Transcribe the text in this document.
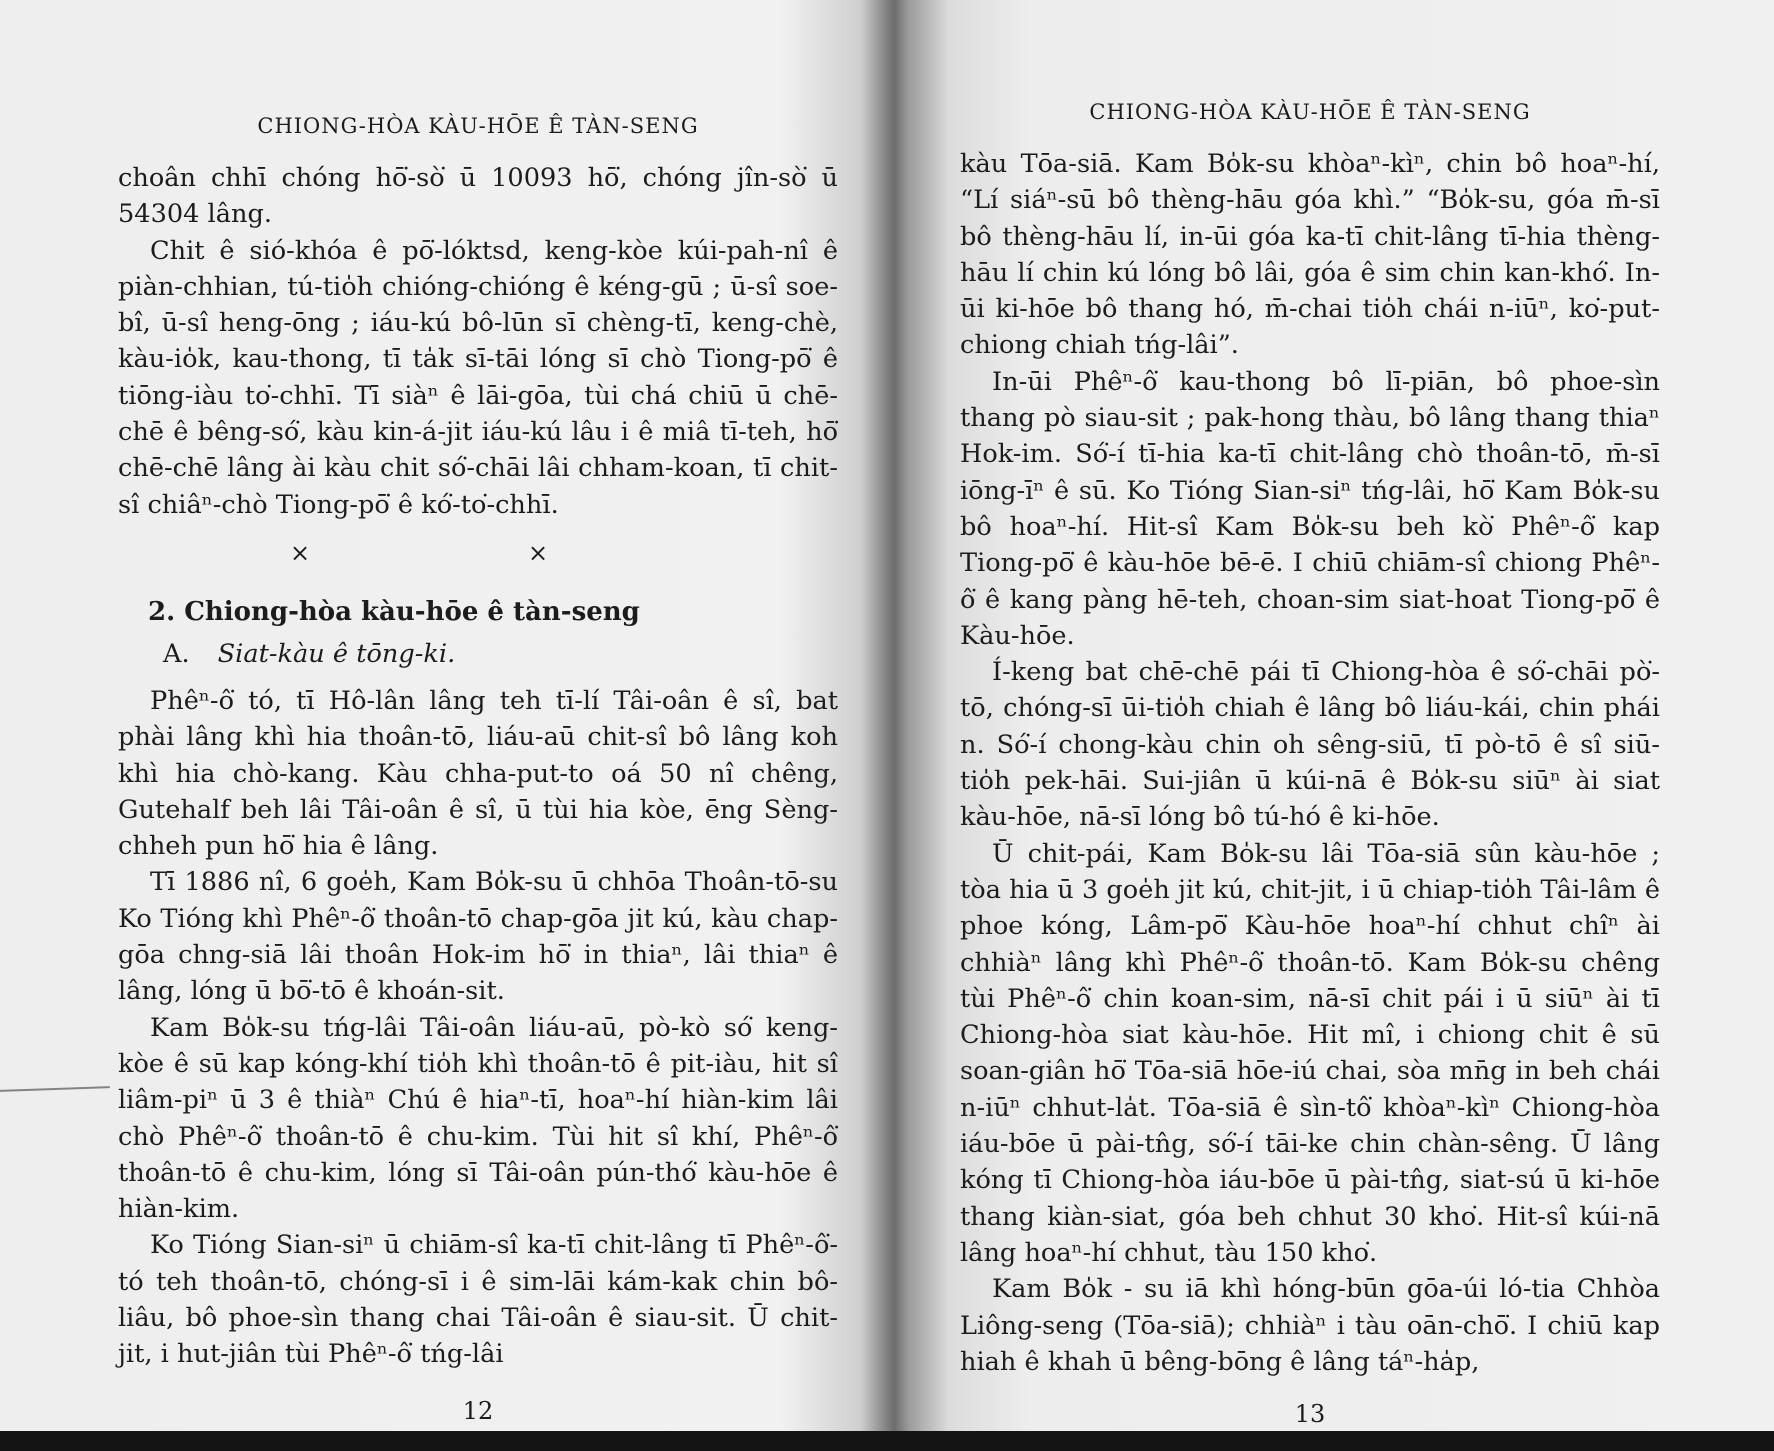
CHIONG-HÒA KÀU-HŌE Ê TÀN-SENG

choân chhī chóng hō͘-sò͘ ū 10093 hō͘, chóng jîn-sò͘ ū 54304 lâng.

Chit ê sió-khóa ê pō͘-lóktsd, keng-kòe kúi-pah-nî ê piàn-chhian, tú-tio̍h chióng-chióng ê kéng-gū ; ū-sî soe-bî, ū-sî heng-ōng ; iáu-kú bô-lūn sī chèng-tī, keng-chè, kàu-io̍k, kau-thong, tī ta̍k sī-tāi lóng sī chò Tiong-pō͘ ê tiōng-iàu to͘-chhī. Tī siàⁿ ê lāi-gōa, tùi chá chiū ū chē-chē ê bêng-só͘, kàu kin-á-jit iáu-kú lâu i ê miâ tī-teh, hō͘ chē-chē lâng ài kàu chit só͘-chāi lâi chham-koan, tī chit-sî chiâⁿ-chò Tiong-pō͘ ê kó͘-to͘-chhī.

×	×
2. Chiong-hòa kàu-hōe ê tàn-seng
A. Siat-kàu ê tōng-ki.

Phêⁿ-ô͘ tó, tī Hô-lân lâng teh tī-lí Tâi-oân ê sî, bat phài lâng khì hia thoân-tō, liáu-aū chit-sî bô lâng koh khì hia chò-kang. Kàu chha-put-to oá 50 nî chêng, Gutehalf beh lâi Tâi-oân ê sî, ū tùi hia kòe, ēng Sèng-chheh pun hō͘ hia ê lâng.

Tī 1886 nî, 6 goe̍h, Kam Bo̍k-su ū chhōa Thoân-tō-su Ko Tióng khì Phêⁿ-ô͘ thoân-tō chap-gōa jit kú, kàu chap-gōa chng-siā lâi thoân Hok-im hō͘ in thiaⁿ, lâi thiaⁿ ê lâng, lóng ū bō͘-tō ê khoán-sit.

Kam Bo̍k-su tńg-lâi Tâi-oân liáu-aū, pò-kò só͘ keng-kòe ê sū kap kóng-khí tio̍h khì thoân-tō ê pit-iàu, hit sî liâm-piⁿ ū 3 ê thiàⁿ Chú ê hiaⁿ-tī, hoaⁿ-hí hiàn-kim lâi chò Phêⁿ-ô͘ thoân-tō ê chu-kim. Tùi hit sî khí, Phêⁿ-ô͘ thoân-tō ê chu-kim, lóng sī Tâi-oân pún-thó͘ kàu-hōe ê hiàn-kim.

Ko Tióng Sian-siⁿ ū chiām-sî ka-tī chit-lâng tī Phêⁿ-ô͘-tó teh thoân-tō, chóng-sī i ê sim-lāi kám-kak chin bô-liâu, bô phoe-sìn thang chai Tâi-oân ê siau-sit. Ū chit-jit, i hut-jiân tùi Phêⁿ-ô͘ tńg-lâi

12
CHIONG-HÒA KÀU-HŌE Ê TÀN-SENG

kàu Tōa-siā. Kam Bo̍k-su khòaⁿ-kìⁿ, chin bô hoaⁿ-hí, “Lí siáⁿ-sū bô thèng-hāu góa khì.” “Bo̍k-su, góa m̄-sī bô thèng-hāu lí, in-ūi góa ka-tī chit-lâng tī-hia thèng-hāu lí chin kú lóng bô lâi, góa ê sim chin kan-khó͘. In-ūi ki-hōe bô thang hó, m̄-chai tio̍h chái n-iūⁿ, ko͘-put-chiong chiah tńg-lâi”.

In-ūi Phêⁿ-ô͘ kau-thong bô lī-piān, bô phoe-sìn thang pò siau-sit ; pak-hong thàu, bô lâng thang thiaⁿ Hok-im. Só͘-í tī-hia ka-tī chit-lâng chò thoân-tō, m̄-sī iōng-īⁿ ê sū. Ko Tióng Sian-siⁿ tńg-lâi, hō͘ Kam Bo̍k-su bô hoaⁿ-hí. Hit-sî Kam Bo̍k-su beh kò͘ Phêⁿ-ô͘ kap Tiong-pō͘ ê kàu-hōe bē-ē. I chiū chiām-sî chiong Phêⁿ-ô͘ ê kang pàng hē-teh, choan-sim siat-hoat Tiong-pō͘ ê Kàu-hōe.

Í-keng bat chē-chē pái tī Chiong-hòa ê só͘-chāi pò͘-tō, chóng-sī ūi-tio̍h chiah ê lâng bô liáu-kái, chin phái n. Só͘-í chong-kàu chin oh sêng-siū, tī pò-tō ê sî siū-tio̍h pek-hāi. Sui-jiân ū kúi-nā ê Bo̍k-su siūⁿ ài siat kàu-hōe, nā-sī lóng bô tú-hó ê ki-hōe.

Ū chit-pái, Kam Bo̍k-su lâi Tōa-siā sûn kàu-hōe ; tòa hia ū 3 goe̍h jit kú, chit-jit, i ū chiap-tio̍h Tâi-lâm ê phoe kóng, Lâm-pō͘ Kàu-hōe hoaⁿ-hí chhut chîⁿ ài chhiàⁿ lâng khì Phêⁿ-ô͘ thoân-tō. Kam Bo̍k-su chêng tùi Phêⁿ-ô͘ chin koan-sim, nā-sī chit pái i ū siūⁿ ài tī Chiong-hòa siat kàu-hōe. Hit mî, i chiong chit ê sū soan-giân hō͘ Tōa-siā hōe-iú chai, sòa mn̄g in beh chái n-iūⁿ chhut-la̍t. Tōa-siā ê sìn-tô͘ khòaⁿ-kìⁿ Chiong-hòa iáu-bōe ū pài-tn̂g, só͘-í tāi-ke chin chàn-sêng. Ū lâng kóng tī Chiong-hòa iáu-bōe ū pài-tn̂g, siat-sú ū ki-hōe thang kiàn-siat, góa beh chhut 30 kho͘. Hit-sî kúi-nā lâng hoaⁿ-hí chhut, tàu 150 kho͘.

Kam Bo̍k - su iā khì hóng-būn gōa-úi ló-tia Chhòa Liông-seng (Tōa-siā); chhiàⁿ i tàu oān-chō͘. I chiū kap hiah ê khah ū bêng-bōng ê lâng táⁿ-ha̍p,

13
